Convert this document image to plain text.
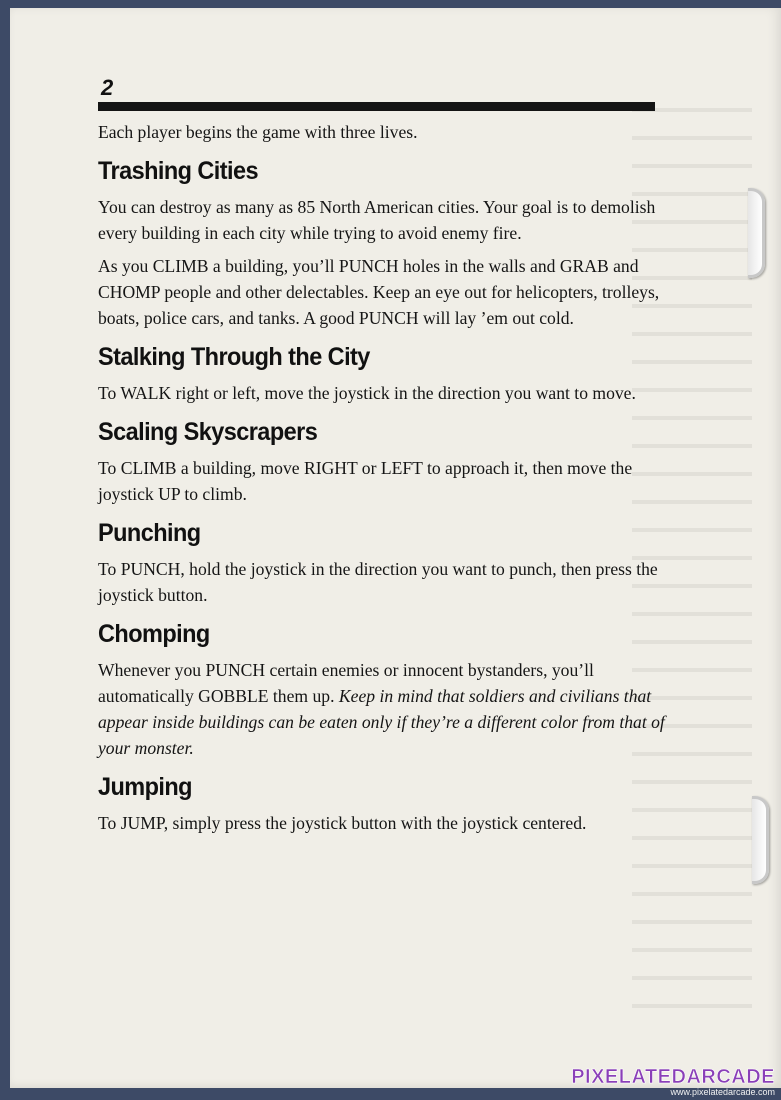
2

Each player begins the game with three lives.

Trashing Cities

You can destroy as many as 85 North American cities. Your goal is to demolish every building in each city while trying to avoid enemy fire.

As you CLIMB a building, you’ll PUNCH holes in the walls and GRAB and CHOMP people and other delectables. Keep an eye out for helicopters, trolleys, boats, police cars, and tanks. A good PUNCH will lay ’em out cold.

Stalking Through the City

To WALK right or left, move the joystick in the direction you want to move.

Scaling Skyscrapers

To CLIMB a building, move RIGHT or LEFT to approach it, then move the joystick UP to climb.

Punching

To PUNCH, hold the joystick in the direction you want to punch, then press the joystick button.

Chomping

Whenever you PUNCH certain enemies or innocent bystanders, you’ll automatically GOBBLE them up. Keep in mind that soldiers and civilians that appear inside buildings can be eaten only if they’re a different color from that of your monster.

Jumping

To JUMP, simply press the joystick button with the joystick centered.

PIXELATEDARCADE
www.pixelatedarcade.com
